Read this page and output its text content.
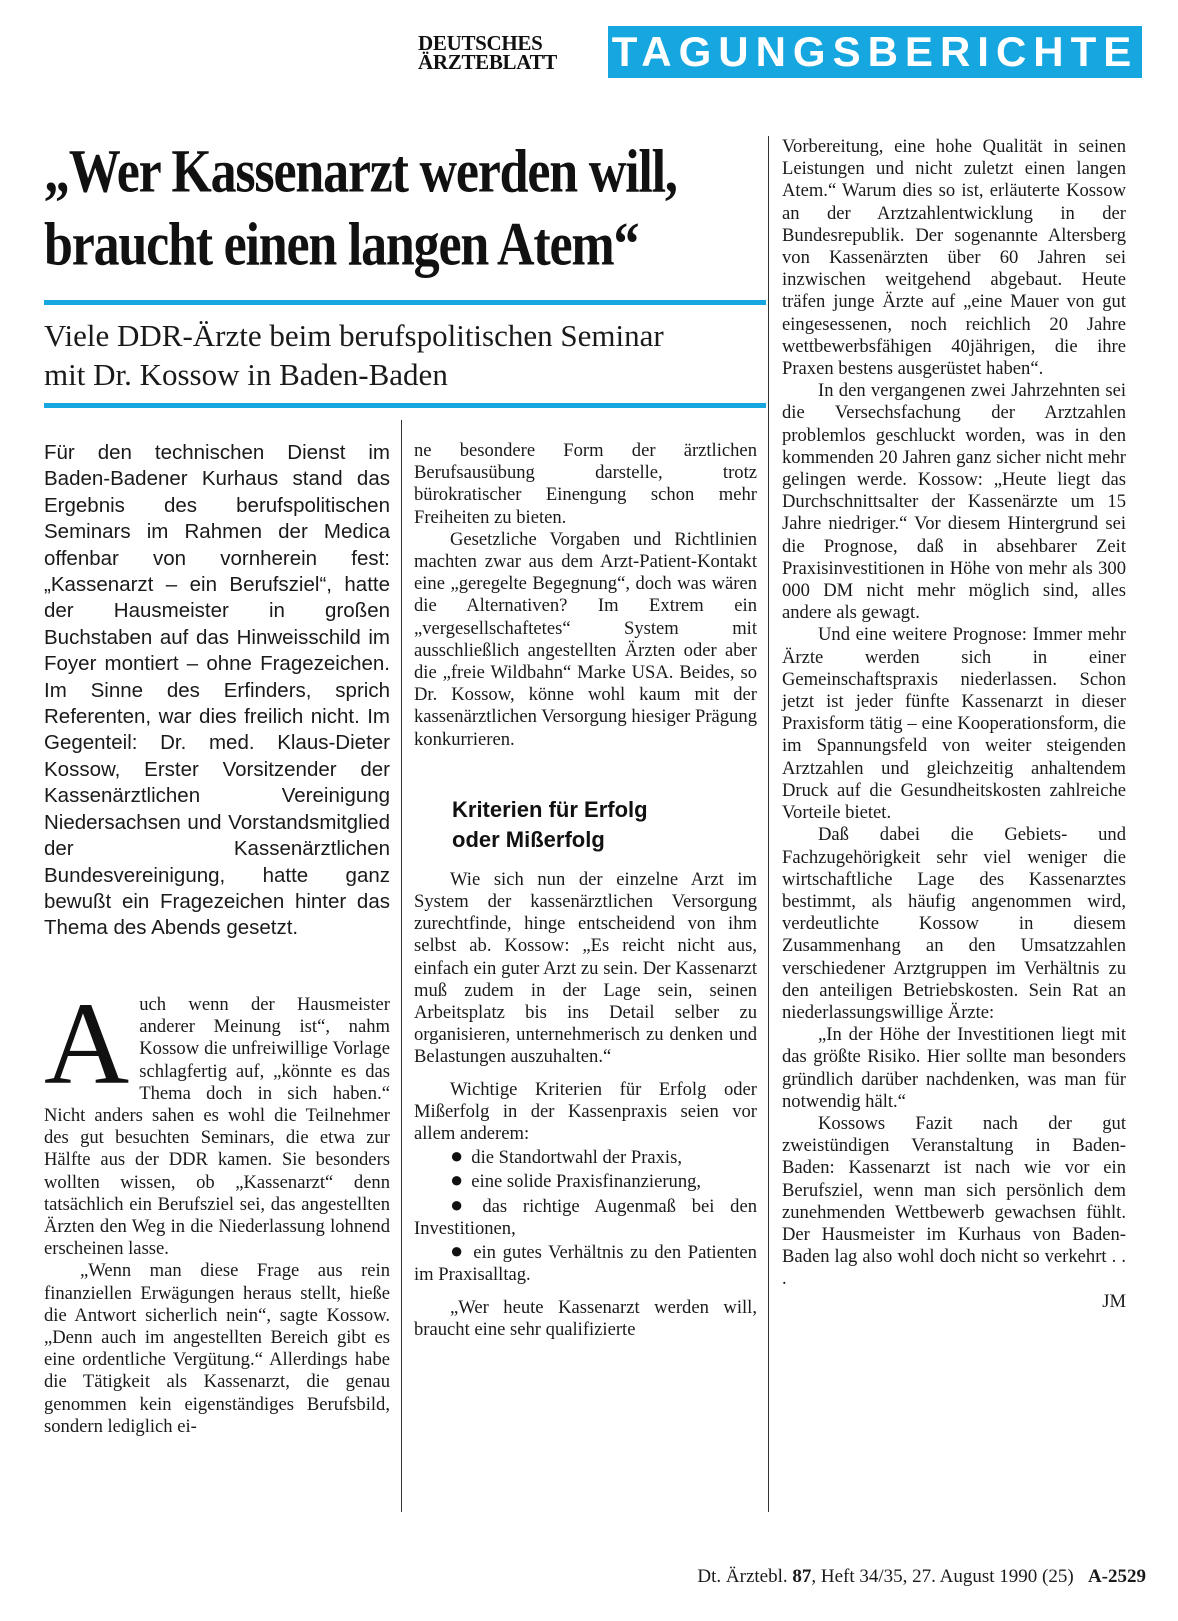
DEUTSCHES
ÄRZTEBLATT	TAGUNGSBERICHTE
„Wer Kassenarzt werden will,
braucht einen langen Atem“
Viele DDR-Ärzte beim berufspolitischen Seminar
mit Dr. Kossow in Baden-Baden
Für den technischen Dienst im Baden-Badener Kurhaus stand das Ergebnis des berufspolitischen Seminars im Rahmen der Medica offenbar von vornherein fest: „Kassenarzt – ein Berufsziel“, hatte der Hausmeister in großen Buchstaben auf das Hinweisschild im Foyer montiert – ohne Fragezeichen. Im Sinne des Erfinders, sprich Referenten, war dies freilich nicht. Im Gegenteil: Dr. med. Klaus-Dieter Kossow, Erster Vorsitzender der Kassenärztlichen Vereinigung Niedersachsen und Vorstandsmitglied der Kassenärztlichen Bundesvereinigung, hatte ganz bewußt ein Fragezeichen hinter das Thema des Abends gesetzt.

Auch wenn der Hausmeister anderer Meinung ist“, nahm Kossow die unfreiwillige Vorlage schlagfertig auf, „könnte es das Thema doch in sich haben.“ Nicht anders sahen es wohl die Teilnehmer des gut besuchten Seminars, die etwa zur Hälfte aus der DDR kamen. Sie besonders wollten wissen, ob „Kassenarzt“ denn tatsächlich ein Berufsziel sei, das angestellten Ärzten den Weg in die Niederlassung lohnend erscheinen lasse.

„Wenn man diese Frage aus rein finanziellen Erwägungen heraus stellt, hieße die Antwort sicherlich nein“, sagte Kossow. „Denn auch im angestellten Bereich gibt es eine ordentliche Vergütung.“ Allerdings habe die Tätigkeit als Kassenarzt, die genau genommen kein eigenständiges Berufsbild, sondern lediglich ei-

ne besondere Form der ärztlichen Berufsausübung darstelle, trotz bürokratischer Einengung schon mehr Freiheiten zu bieten.

Gesetzliche Vorgaben und Richtlinien machten zwar aus dem Arzt-Patient-Kontakt eine „geregelte Begegnung“, doch was wären die Alternativen? Im Extrem ein „vergesellschaftetes“ System mit ausschließlich angestellten Ärzten oder aber die „freie Wildbahn“ Marke USA. Beides, so Dr. Kossow, könne wohl kaum mit der kassenärztlichen Versorgung hiesiger Prägung konkurrieren.

Kriterien für Erfolg
oder Mißerfolg

Wie sich nun der einzelne Arzt im System der kassenärztlichen Versorgung zurechtfinde, hinge entscheidend von ihm selbst ab. Kossow: „Es reicht nicht aus, einfach ein guter Arzt zu sein. Der Kassenarzt muß zudem in der Lage sein, seinen Arbeitsplatz bis ins Detail selber zu organisieren, unternehmerisch zu denken und Belastungen auszuhalten.“

Wichtige Kriterien für Erfolg oder Mißerfolg in der Kassenpraxis seien vor allem anderem:

● die Standortwahl der Praxis,

● eine solide Praxisfinanzierung,

● das richtige Augenmaß bei den Investitionen,

● ein gutes Verhältnis zu den Patienten im Praxisalltag.

„Wer heute Kassenarzt werden will, braucht eine sehr qualifizierte

Vorbereitung, eine hohe Qualität in seinen Leistungen und nicht zuletzt einen langen Atem.“ Warum dies so ist, erläuterte Kossow an der Arztzahlentwicklung in der Bundesrepublik. Der sogenannte Altersberg von Kassenärzten über 60 Jahren sei inzwischen weitgehend abgebaut. Heute träfen junge Ärzte auf „eine Mauer von gut eingesessenen, noch reichlich 20 Jahre wettbewerbsfähigen 40jährigen, die ihre Praxen bestens ausgerüstet haben“.

In den vergangenen zwei Jahrzehnten sei die Versechsfachung der Arztzahlen problemlos geschluckt worden, was in den kommenden 20 Jahren ganz sicher nicht mehr gelingen werde. Kossow: „Heute liegt das Durchschnittsalter der Kassenärzte um 15 Jahre niedriger.“ Vor diesem Hintergrund sei die Prognose, daß in absehbarer Zeit Praxisinvestitionen in Höhe von mehr als 300 000 DM nicht mehr möglich sind, alles andere als gewagt.

Und eine weitere Prognose: Immer mehr Ärzte werden sich in einer Gemeinschaftspraxis niederlassen. Schon jetzt ist jeder fünfte Kassenarzt in dieser Praxisform tätig – eine Kooperationsform, die im Spannungsfeld von weiter steigenden Arztzahlen und gleichzeitig anhaltendem Druck auf die Gesundheitskosten zahlreiche Vorteile bietet.

Daß dabei die Gebiets- und Fachzugehörigkeit sehr viel weniger die wirtschaftliche Lage des Kassenarztes bestimmt, als häufig angenommen wird, verdeutlichte Kossow in diesem Zusammenhang an den Umsatzzahlen verschiedener Arztgruppen im Verhältnis zu den anteiligen Betriebskosten. Sein Rat an niederlassungswillige Ärzte:

„In der Höhe der Investitionen liegt mit das größte Risiko. Hier sollte man besonders gründlich darüber nachdenken, was man für notwendig hält.“

Kossows Fazit nach der gut zweistündigen Veranstaltung in Baden-Baden: Kassenarzt ist nach wie vor ein Berufsziel, wenn man sich persönlich dem zunehmenden Wettbewerb gewachsen fühlt. Der Hausmeister im Kurhaus von Baden-Baden lag also wohl doch nicht so verkehrt . . .

JM
Dt. Ärztebl. 87, Heft 34/35, 27. August 1990 (25) A-2529
